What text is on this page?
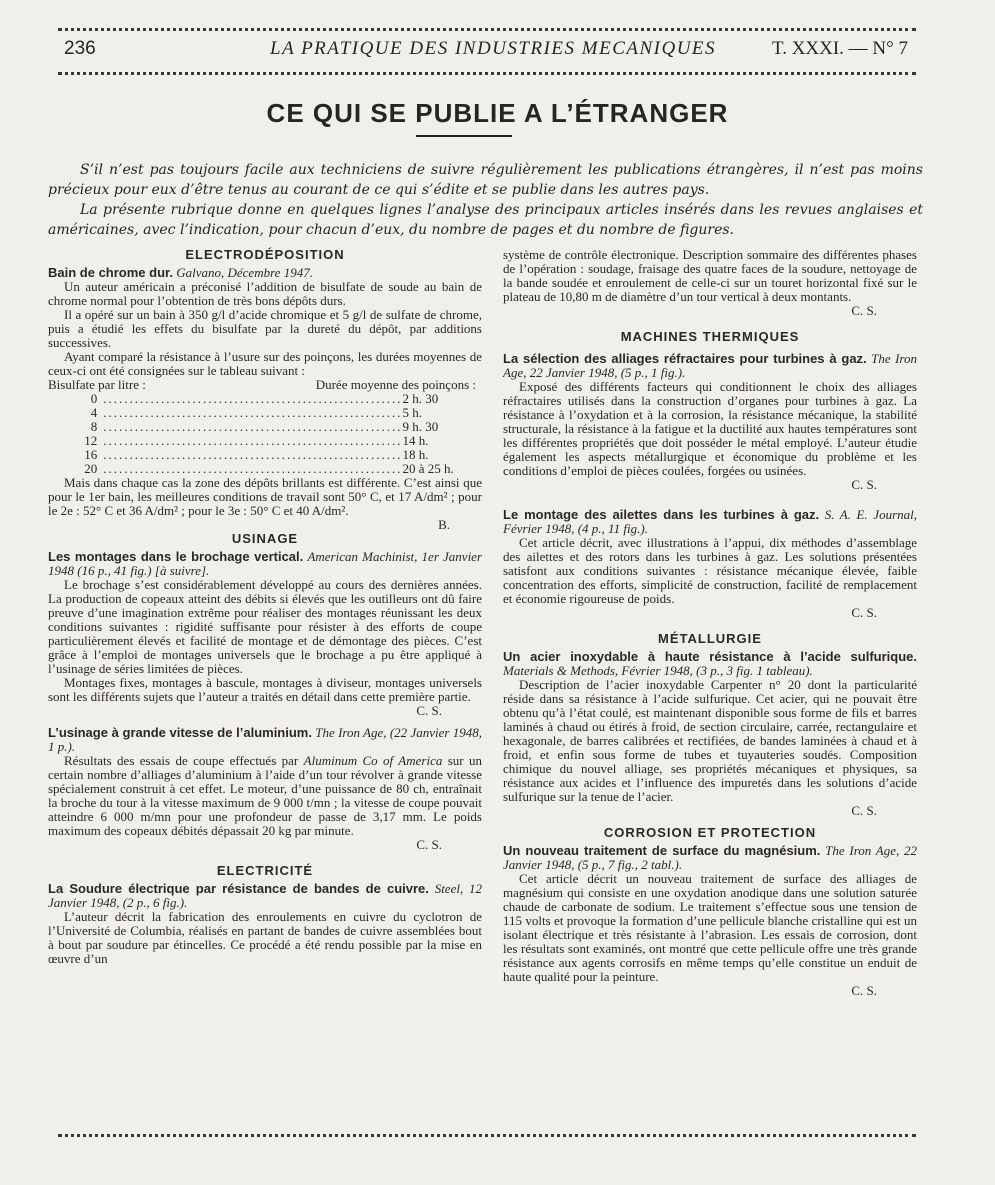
236	LA PRATIQUE DES INDUSTRIES MECANIQUES	T. XXXI. — N° 7
CE QUI SE PUBLIE A L’ÉTRANGER

S’il n’est pas toujours facile aux techniciens de suivre régulièrement les publications étrangères, il n’est pas moins précieux pour eux d’être tenus au courant de ce qui s’édite et se publie dans les autres pays.

La présente rubrique donne en quelques lignes l’analyse des principaux articles insérés dans les revues anglaises et américaines, avec l’indication, pour chacun d’eux, du nombre de pages et du nombre de figures.

ELECTRODÉPOSITION

Bain de chrome dur. Galvano, Décembre 1947.

Un auteur américain a préconisé l’addition de bisulfate de soude au bain de chrome normal pour l’obtention de très bons dépôts durs.

Il a opéré sur un bain à 350 g/l d’acide chromique et 5 g/l de sulfate de chrome, puis a étudié les effets du bisulfate par la dureté du dépôt, par additions successives.

Ayant comparé la résistance à l’usure sur des poinçons, les durées moyennes de ceux-ci ont été consignées sur le tableau suivant :

Bisulfate par litre :	Durée moyenne des poinçons :
0 ......................................................... 2 h. 30
4 ......................................................... 5 h.
8 ......................................................... 9 h. 30
12 ......................................................... 14 h.
16 ......................................................... 18 h.
20 ......................................................... 20 à 25 h.

Mais dans chaque cas la zone des dépôts brillants est différente. C’est ainsi que pour le 1er bain, les meilleures conditions de travail sont 50° C, et 17 A/dm² ; pour le 2e : 52° C et 36 A/dm² ; pour le 3e : 50° C et 40 A/dm².

B.

USINAGE

Les montages dans le brochage vertical. American Machinist, 1er Janvier 1948 (16 p., 41 fig.) [à suivre].

Le brochage s’est considérablement développé au cours des dernières années. La production de copeaux atteint des débits si élevés que les outilleurs ont dû faire preuve d’une imagination extrême pour réaliser des montages réunissant les deux conditions suivantes : rigidité suffisante pour résister à des efforts de coupe particulièrement élevés et facilité de montage et de démontage des pièces. C’est grâce à l’emploi de montages universels que le brochage a pu être appliqué à l’usinage de séries limitées de pièces.

Montages fixes, montages à bascule, montages à diviseur, montages universels sont les différents sujets que l’auteur a traités en détail dans cette première partie.

C. S.

L’usinage à grande vitesse de l’aluminium. The Iron Age, (22 Janvier 1948, 1 p.).

Résultats des essais de coupe effectués par Aluminum Co of America sur un certain nombre d’alliages d’aluminium à l’aide d’un tour révolver à grande vitesse spécialement construit à cet effet. Le moteur, d’une puissance de 80 ch, entraînait la broche du tour à la vitesse maximum de 9 000 t/mn ; la vitesse de coupe pouvait atteindre 6 000 m/mn pour une profondeur de passe de 3,17 mm. Le poids maximum des copeaux débités dépassait 20 kg par minute.

C. S.

ELECTRICITÉ

La Soudure électrique par résistance de bandes de cuivre. Steel, 12 Janvier 1948, (2 p., 6 fig.).

L’auteur décrit la fabrication des enroulements en cuivre du cyclotron de l’Université de Columbia, réalisés en partant de bandes de cuivre assemblées bout à bout par soudure par étincelles. Ce procédé a été rendu possible par la mise en œuvre d’un

système de contrôle électronique. Description sommaire des différentes phases de l’opération : soudage, fraisage des quatre faces de la soudure, nettoyage de la bande soudée et enroulement de celle-ci sur un touret horizontal fixé sur le plateau de 10,80 m de diamètre d’un tour vertical à deux montants.

C. S.

MACHINES THERMIQUES

La sélection des alliages réfractaires pour turbines à gaz. The Iron Age, 22 Janvier 1948, (5 p., 1 fig.).

Exposé des différents facteurs qui conditionnent le choix des alliages réfractaires utilisés dans la construction d’organes pour turbines à gaz. La résistance à l’oxydation et à la corrosion, la résistance mécanique, la stabilité structurale, la résistance à la fatigue et la ductilité aux hautes températures sont les différentes propriétés que doit posséder le métal employé. L’auteur étudie également les aspects métallurgique et économique du problème et les conditions d’emploi de pièces coulées, forgées ou usinées.

C. S.

Le montage des ailettes dans les turbines à gaz. S. A. E. Journal, Février 1948, (4 p., 11 fig.).

Cet article décrit, avec illustrations à l’appui, dix méthodes d’assemblage des ailettes et des rotors dans les turbines à gaz. Les solutions présentées satisfont aux conditions suivantes : résistance mécanique élevée, faible concentration des efforts, simplicité de construction, facilité de remplacement et économie rigoureuse de poids.

C. S.

MÉTALLURGIE

Un acier inoxydable à haute résistance à l’acide sulfurique. Materials & Methods, Février 1948, (3 p., 3 fig. 1 tableau).

Description de l’acier inoxydable Carpenter n° 20 dont la particularité réside dans sa résistance à l’acide sulfurique. Cet acier, qui ne pouvait être obtenu qu’à l’état coulé, est maintenant disponible sous forme de fils et barres laminés à chaud ou étirés à froid, de section circulaire, carrée, rectangulaire et hexagonale, de barres calibrées et rectifiées, de bandes laminées à chaud et à froid, et enfin sous forme de tubes et tuyauteries soudés. Composition chimique du nouvel alliage, ses propriétés mécaniques et physiques, sa résistance aux acides et l’influence des impuretés dans les solutions d’acide sulfurique sur la tenue de l’acier.

C. S.

CORROSION ET PROTECTION

Un nouveau traitement de surface du magnésium. The Iron Age, 22 Janvier 1948, (5 p., 7 fig., 2 tabl.).

Cet article décrit un nouveau traitement de surface des alliages de magnésium qui consiste en une oxydation anodique dans une solution saturée chaude de carbonate de sodium. Le traitement s’effectue sous une tension de 115 volts et provoque la formation d’une pellicule blanche cristalline qui est un isolant électrique et très résistante à l’abrasion. Les essais de corrosion, dont les résultats sont examinés, ont montré que cette pellicule offre une très grande résistance aux agents corrosifs en même temps qu’elle constitue un enduit de haute qualité pour la peinture.

C. S.
